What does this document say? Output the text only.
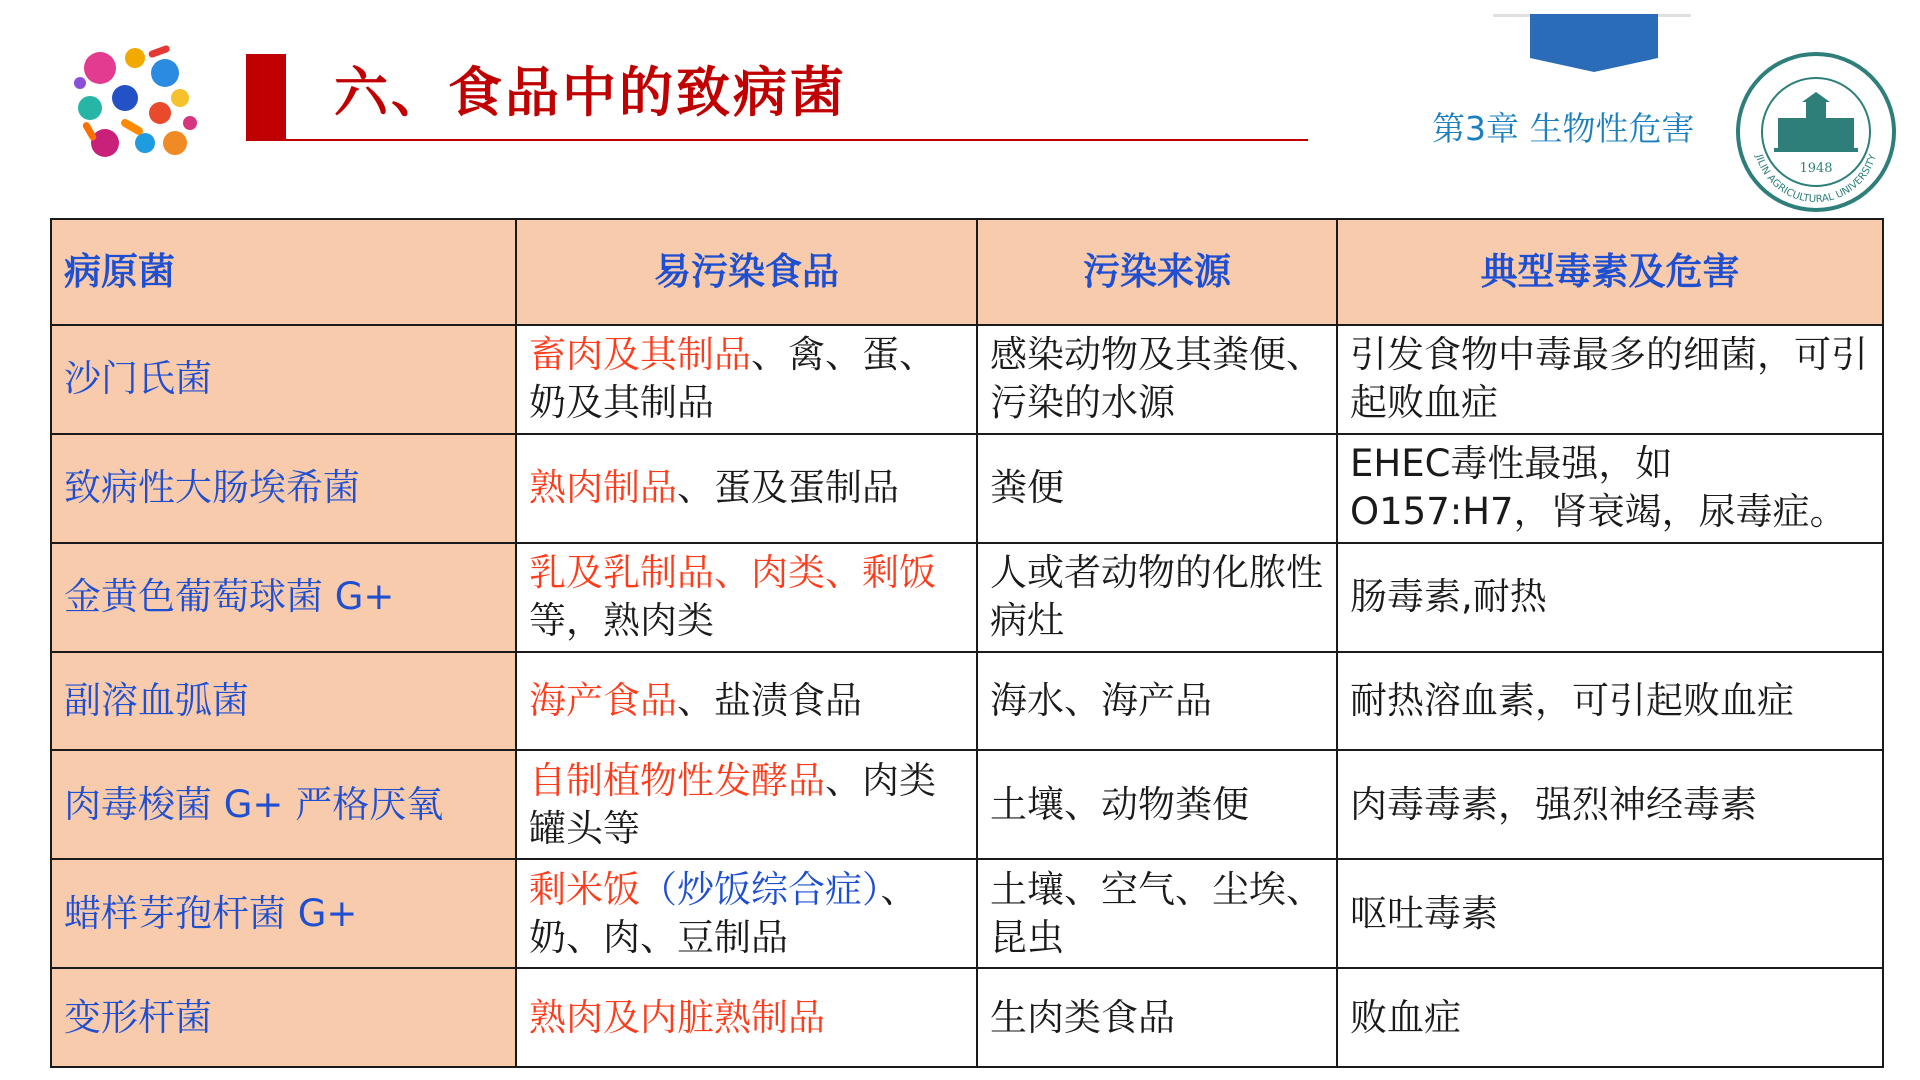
六、食品中的致病菌
第3章 生物性危害
1948
JILIN AGRICULTURAL UNIVERSITY
病原菌	易污染食品	污染来源	典型毒素及危害
沙门氏菌	畜肉及其制品、禽、蛋、奶及其制品	感染动物及其粪便、污染的水源	引发食物中毒最多的细菌，可引起败血症
致病性大肠埃希菌	熟肉制品、蛋及蛋制品	粪便	EHEC毒性最强，如O157:H7，肾衰竭，尿毒症。
金黄色葡萄球菌 G+	乳及乳制品、肉类、剩饭等，熟肉类	人或者动物的化脓性病灶	肠毒素,耐热
副溶血弧菌	海产食品、盐渍食品	海水、海产品	耐热溶血素，可引起败血症
肉毒梭菌 G+ 严格厌氧	自制植物性发酵品、肉类罐头等	土壤、动物粪便	肉毒毒素，强烈神经毒素
蜡样芽孢杆菌 G+	剩米饭（炒饭综合症）、奶、肉、豆制品	土壤、空气、尘埃、昆虫	呕吐毒素
变形杆菌	熟肉及内脏熟制品	生肉类食品	败血症
